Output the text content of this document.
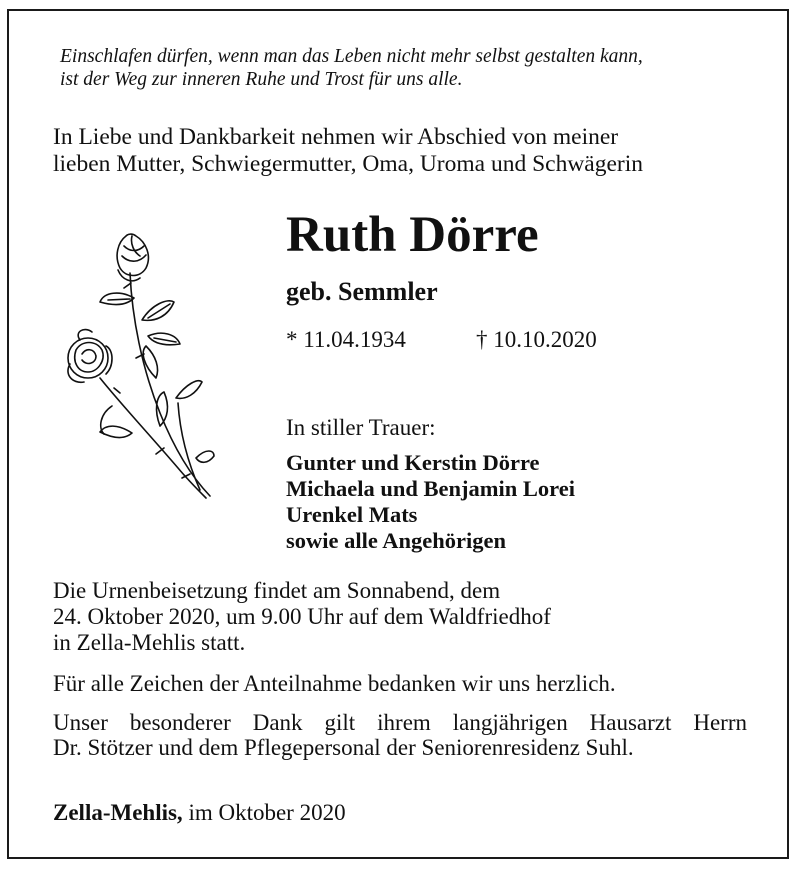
Einschlafen dürfen, wenn man das Leben nicht mehr selbst gestalten kann,
ist der Weg zur inneren Ruhe und Trost für uns alle.
In Liebe und Dankbarkeit nehmen wir Abschied von meiner
lieben Mutter, Schwiegermutter, Oma, Uroma und Schwägerin
Ruth Dörre
geb. Semmler
* 11.04.1934	† 10.10.2020
In stiller Trauer:
Gunter und Kerstin Dörre
Michaela und Benjamin Lorei
Urenkel Mats
sowie alle Angehörigen
Die Urnenbeisetzung findet am Sonnabend, dem
24. Oktober 2020, um 9.00 Uhr auf dem Waldfriedhof
in Zella-Mehlis statt.
Für alle Zeichen der Anteilnahme bedanken wir uns herzlich.
Unser besonderer Dank gilt ihrem langjährigen Hausarzt Herrn
Dr. Stötzer und dem Pflegepersonal der Seniorenresidenz Suhl.
Zella-Mehlis, im Oktober 2020
